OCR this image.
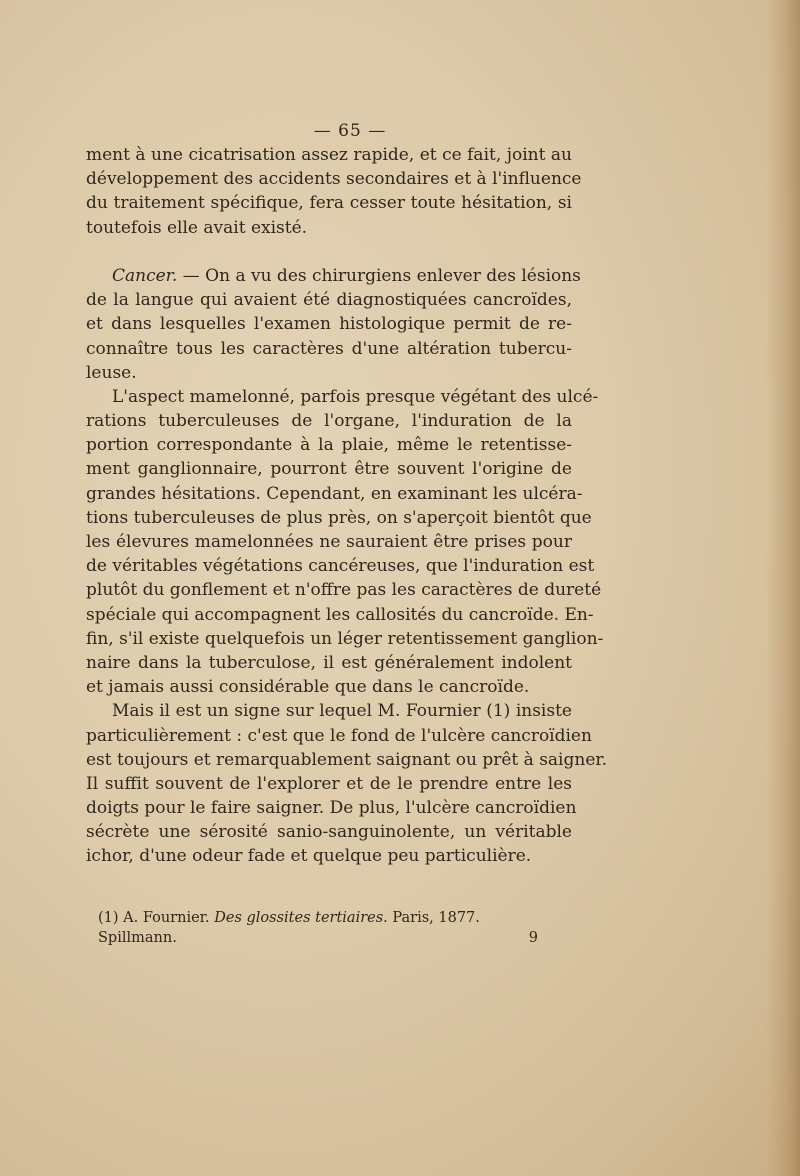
— 65 —
ment à une cicatrisation assez rapide, et ce fait, joint au
développement des accidents secondaires et à l'influence
du traitement spécifique, fera cesser toute hésitation, si
toutefois elle avait existé.
Cancer. — On a vu des chirurgiens enlever des lésions
de la langue qui avaient été diagnostiquées cancroïdes,
et dans lesquelles l'examen histologique permit de re-
connaître tous les caractères d'une altération tubercu-
leuse.
L'aspect mamelonné, parfois presque végétant des ulcé-
rations tuberculeuses de l'organe, l'induration de la
portion correspondante à la plaie, même le retentisse-
ment ganglionnaire, pourront être souvent l'origine de
grandes hésitations. Cependant, en examinant les ulcéra-
tions tuberculeuses de plus près, on s'aperçoit bientôt que
les élevures mamelonnées ne sauraient être prises pour
de véritables végétations cancéreuses, que l'induration est
plutôt du gonflement et n'offre pas les caractères de dureté
spéciale qui accompagnent les callosités du cancroïde. En-
fin, s'il existe quelquefois un léger retentissement ganglion-
naire dans la tuberculose, il est généralement indolent
et jamais aussi considérable que dans le cancroïde.
Mais il est un signe sur lequel M. Fournier (1) insiste
particulièrement : c'est que le fond de l'ulcère cancroïdien
est toujours et remarquablement saignant ou prêt à saigner.
Il suffit souvent de l'explorer et de le prendre entre les
doigts pour le faire saigner. De plus, l'ulcère cancroïdien
sécrète une sérosité sanio-sanguinolente, un véritable
ichor, d'une odeur fade et quelque peu particulière.
(1) A. Fournier. Des glossites tertiaires. Paris, 1877.
Spillmann.	9
